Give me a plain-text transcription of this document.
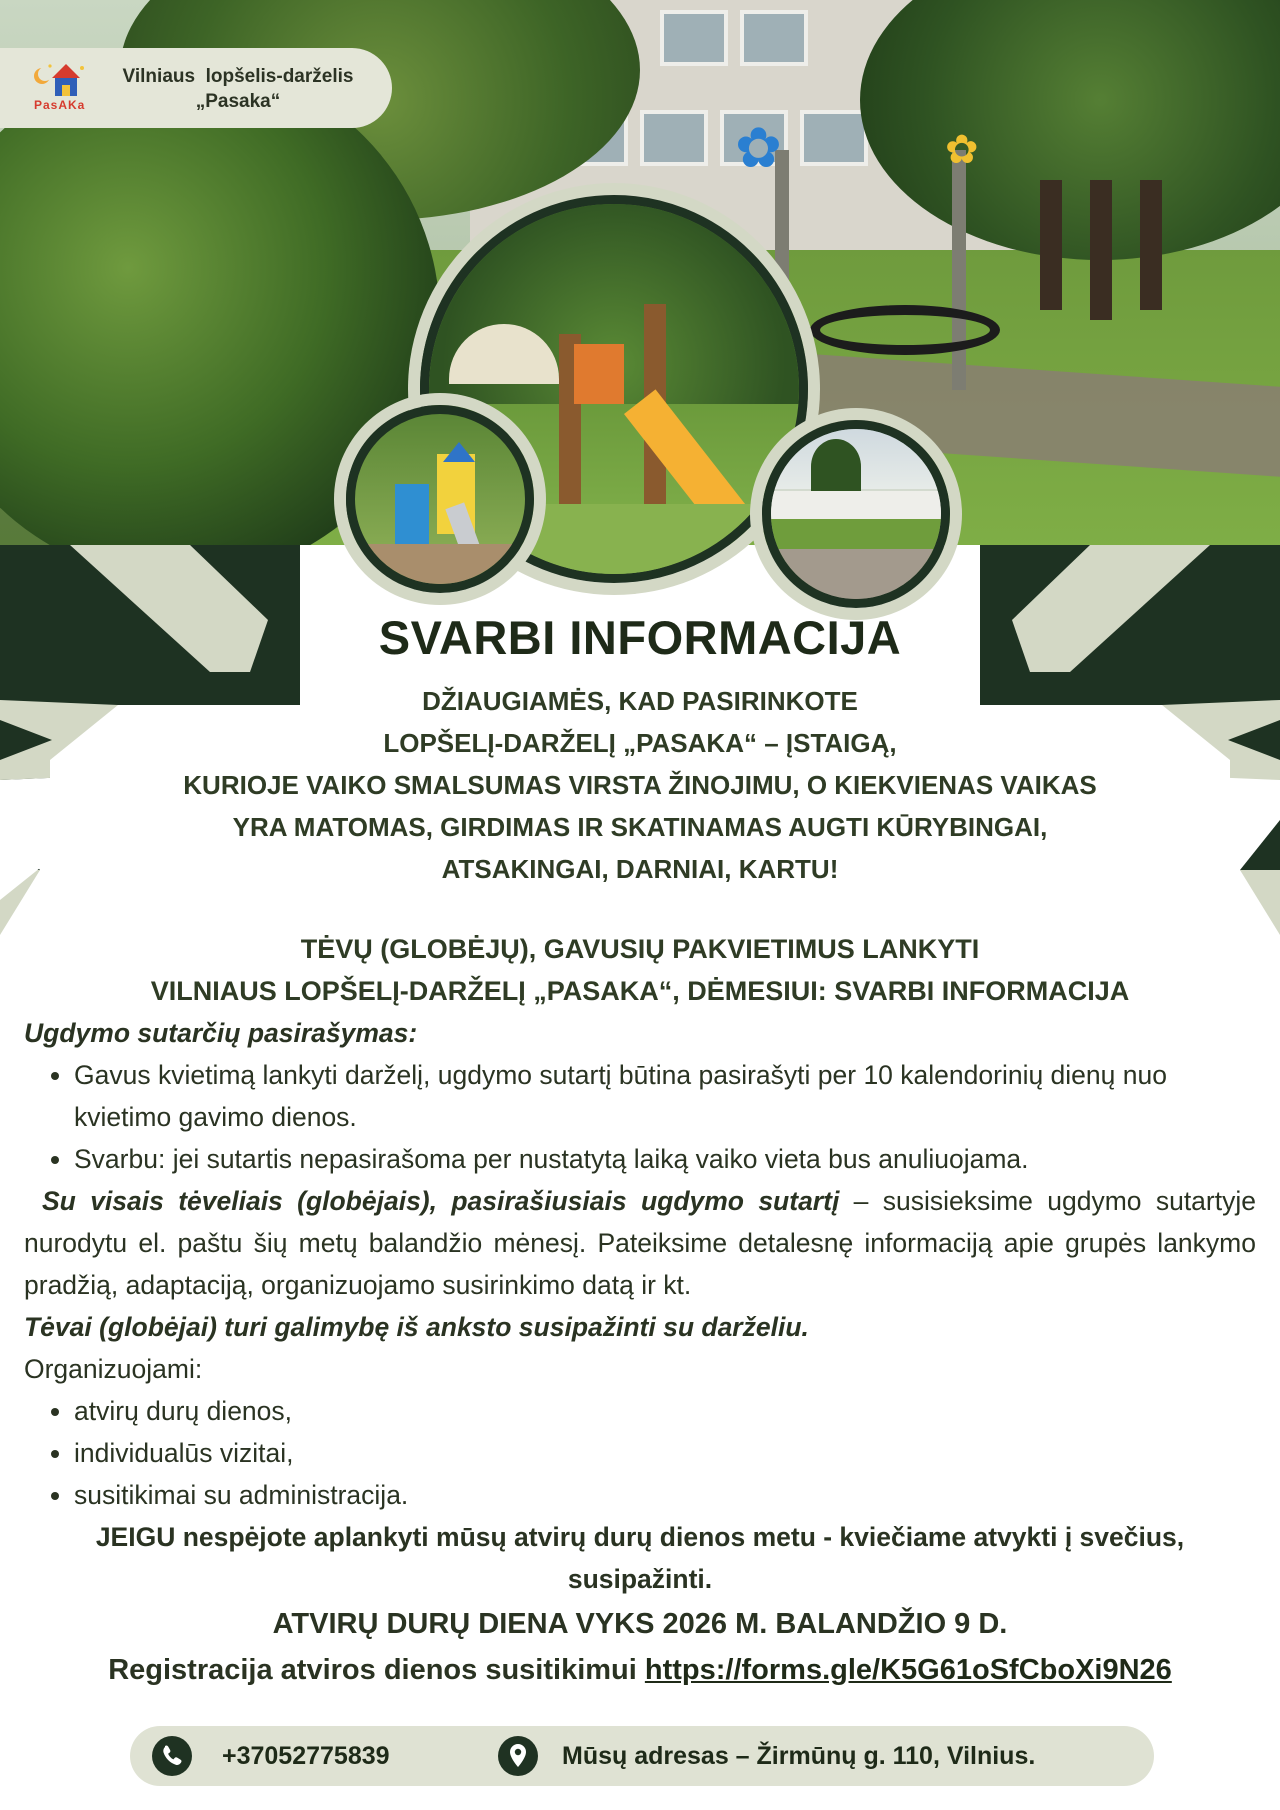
✿	✿
PasAKa
Vilniaus  lopšelis-darželis
„Pasaka“
SVARBI INFORMACIJA
DŽIAUGIAMĖS, KAD PASIRINKOTE
LOPŠELĮ-DARŽELĮ „PASAKA“ – ĮSTAIGĄ,
KURIOJE VAIKO SMALSUMAS VIRSTA ŽINOJIMU, O KIEKVIENAS VAIKAS
YRA MATOMAS, GIRDIMAS IR SKATINAMAS AUGTI KŪRYBINGAI,
ATSAKINGAI, DARNIAI, KARTU!
TĖVŲ (GLOBĖJŲ), GAVUSIŲ PAKVIETIMUS LANKYTI
VILNIAUS LOPŠELĮ-DARŽELĮ „PASAKA“, DĖMESIUI: SVARBI INFORMACIJA

Ugdymo sutarčių pasirašymas:

• Gavus kvietimą lankyti darželį, ugdymo sutartį būtina pasirašyti per 10 kalendorinių dienų nuo kvietimo gavimo dienos.
• Svarbu: jei sutartis nepasirašoma per nustatytą laiką vaiko vieta bus anuliuojama.

Su visais tėveliais (globėjais), pasirašiusiais ugdymo sutartį – susisieksime ugdymo sutartyje nurodytu el. paštu šių metų balandžio mėnesį. Pateiksime detalesnę informaciją apie grupės lankymo pradžią, adaptaciją, organizuojamo susirinkimo datą ir kt.

Tėvai (globėjai) turi galimybę iš anksto susipažinti su darželiu.

Organizuojami:

• atvirų durų dienos,
• individualūs vizitai,
• susitikimai su administracija.

JEIGU nespėjote aplankyti mūsų atvirų durų dienos metu - kviečiame atvykti į svečius, susipažinti.

ATVIRŲ DURŲ DIENA VYKS 2026 M. BALANDŽIO 9 D.

Registracija atviros dienos susitikimui https://forms.gle/K5G61oSfCboXi9N26

+37052775839	Mūsų adresas – Žirmūnų g. 110, Vilnius.
